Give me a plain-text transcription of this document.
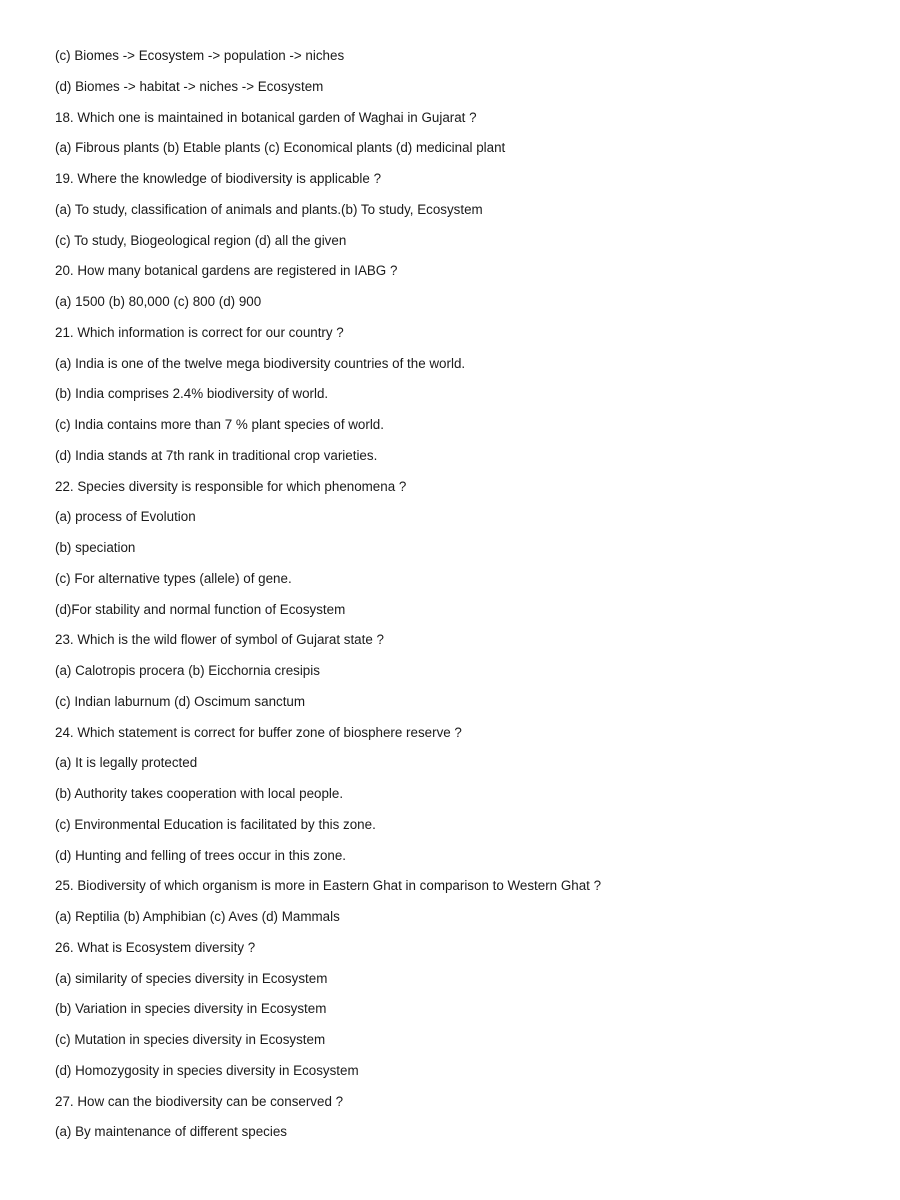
(c) Biomes -> Ecosystem -> population -> niches
(d) Biomes -> habitat -> niches -> Ecosystem
18. Which one is maintained in botanical garden of Waghai in Gujarat ?
(a) Fibrous plants (b) Etable plants (c) Economical plants (d) medicinal plant
19. Where the knowledge of biodiversity is applicable ?
(a) To study, classification of animals and plants.(b) To study, Ecosystem
(c) To study, Biogeological region (d) all the given
20. How many botanical gardens are registered in IABG ?
(a) 1500 (b) 80,000 (c) 800 (d) 900
21. Which information is correct for our country ?
(a) India is one of the twelve mega biodiversity countries of the world.
(b) India comprises 2.4% biodiversity of world.
(c) India contains more than 7 % plant species of world.
(d) India stands at 7th rank in traditional crop varieties.
22. Species diversity is responsible for which phenomena ?
(a) process of Evolution
(b) speciation
(c) For alternative types (allele) of gene.
(d)For stability and normal function of Ecosystem
23. Which is the wild flower of symbol of Gujarat state ?
(a) Calotropis procera (b) Eicchornia cresipis
(c) Indian laburnum (d) Oscimum sanctum
24. Which statement is correct for buffer zone of biosphere reserve ?
(a) It is legally protected
(b) Authority takes cooperation with local people.
(c) Environmental Education is facilitated by this zone.
(d) Hunting and felling of trees occur in this zone.
25. Biodiversity of which organism is more in Eastern Ghat in comparison to Western Ghat ?
(a) Reptilia (b) Amphibian (c) Aves (d) Mammals
26. What is Ecosystem diversity ?
(a) similarity of species diversity in Ecosystem
(b) Variation in species diversity in Ecosystem
(c) Mutation in species diversity in Ecosystem
(d) Homozygosity in species diversity in Ecosystem
27. How can the biodiversity can be conserved ?
(a) By maintenance of different species
